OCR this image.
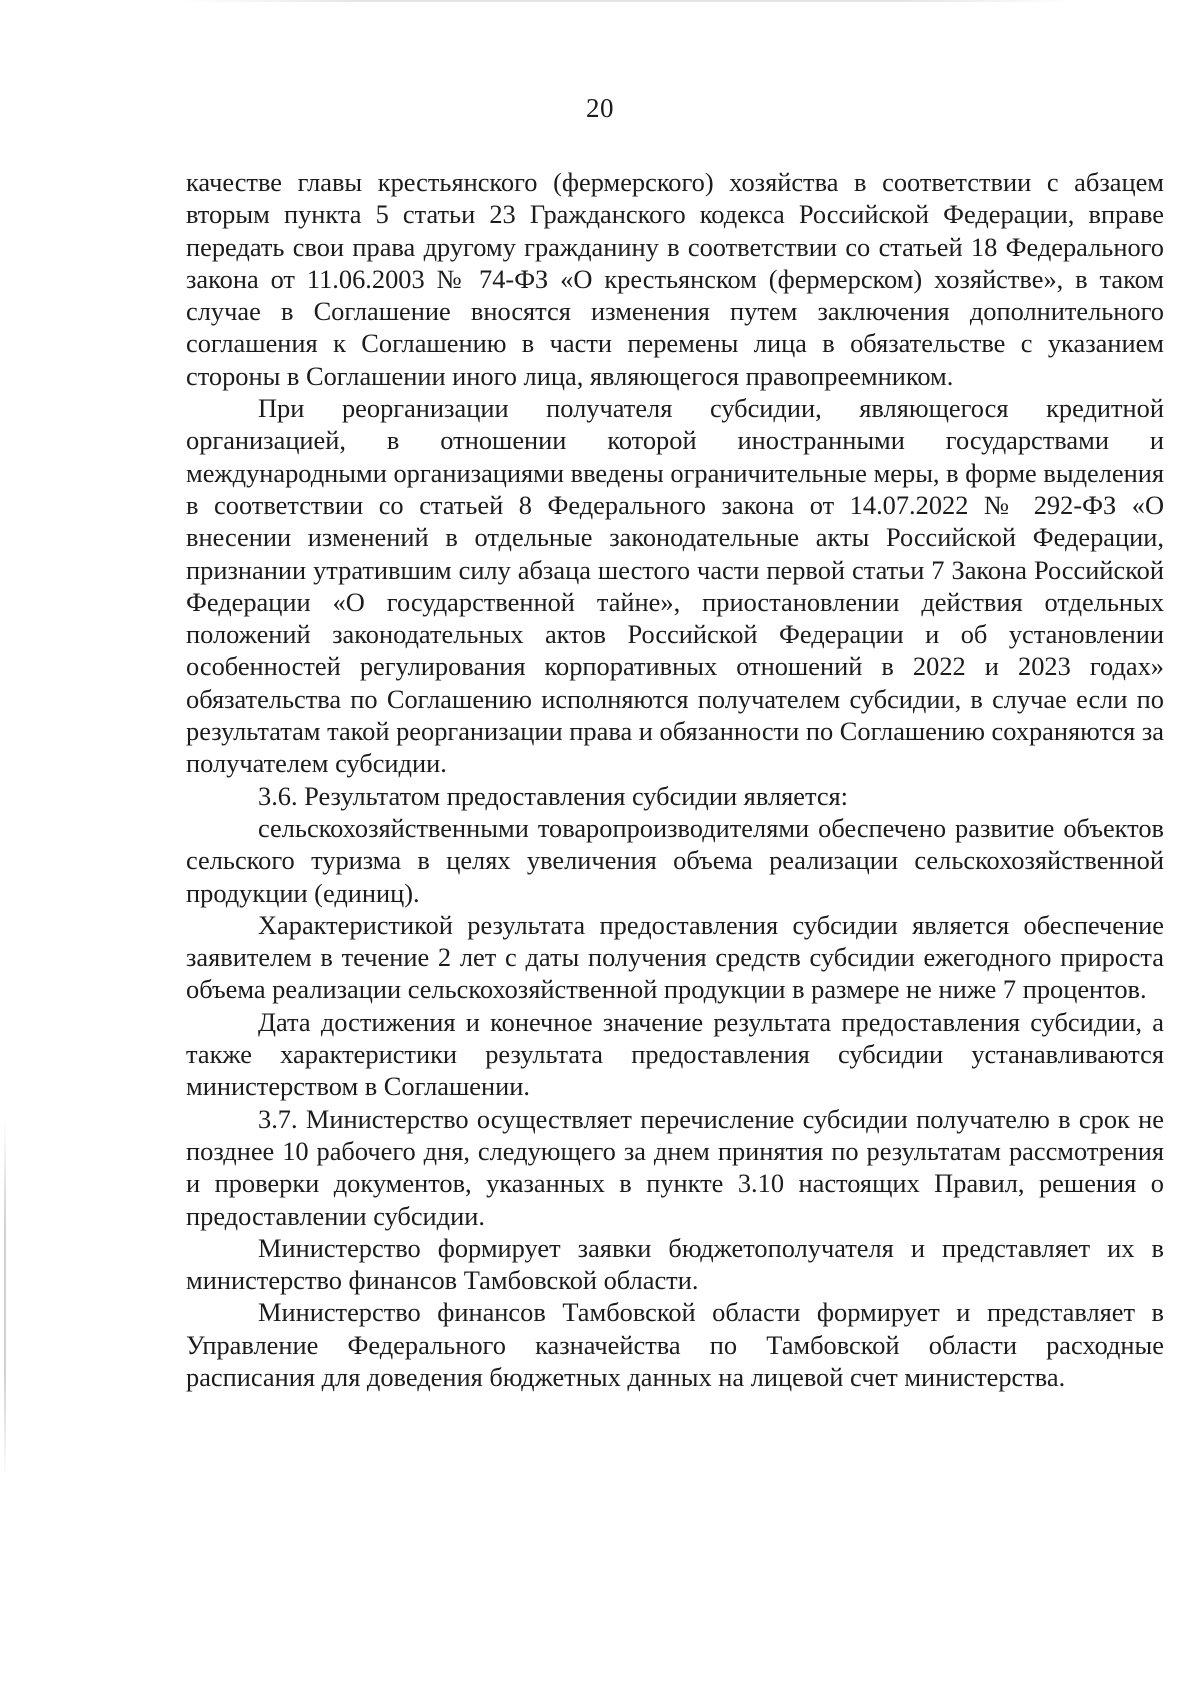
20

качестве главы крестьянского (фермерского) хозяйства в соответствии с абзацем вторым пункта 5 статьи 23 Гражданского кодекса Российской Федерации, вправе передать свои права другому гражданину в соответствии со статьей 18 Федерального закона от 11.06.2003 № 74-ФЗ «О крестьянском (фермерском) хозяйстве», в таком случае в Соглашение вносятся изменения путем заключения дополнительного соглашения к Соглашению в части перемены лица в обязательстве с указанием стороны в Соглашении иного лица, являющегося правопреемником.

При реорганизации получателя субсидии, являющегося кредитной организацией, в отношении которой иностранными государствами и международными организациями введены ограничительные меры, в форме выделения в соответствии со статьей 8 Федерального закона от 14.07.2022 № 292-ФЗ «О внесении изменений в отдельные законодательные акты Российской Федерации, признании утратившим силу абзаца шестого части первой статьи 7 Закона Российской Федерации «О государственной тайне», приостановлении действия отдельных положений законодательных актов Российской Федерации и об установлении особенностей регулирования корпоративных отношений в 2022 и 2023 годах» обязательства по Соглашению исполняются получателем субсидии, в случае если по результатам такой реорганизации права и обязанности по Соглашению сохраняются за получателем субсидии.

3.6. Результатом предоставления субсидии является:

сельскохозяйственными товаропроизводителями обеспечено развитие объектов сельского туризма в целях увеличения объема реализации сельскохозяйственной продукции (единиц).

Характеристикой результата предоставления субсидии является обеспечение заявителем в течение 2 лет с даты получения средств субсидии ежегодного прироста объема реализации сельскохозяйственной продукции в размере не ниже 7 процентов.

Дата достижения и конечное значение результата предоставления субсидии, а также характеристики результата предоставления субсидии устанавливаются министерством в Соглашении.

3.7. Министерство осуществляет перечисление субсидии получателю в срок не позднее 10 рабочего дня, следующего за днем принятия по результатам рассмотрения и проверки документов, указанных в пункте 3.10 настоящих Правил, решения о предоставлении субсидии.

Министерство формирует заявки бюджетополучателя и представляет их в министерство финансов Тамбовской области.

Министерство финансов Тамбовской области формирует и представляет в Управление Федерального казначейства по Тамбовской области расходные расписания для доведения бюджетных данных на лицевой счет министерства.
